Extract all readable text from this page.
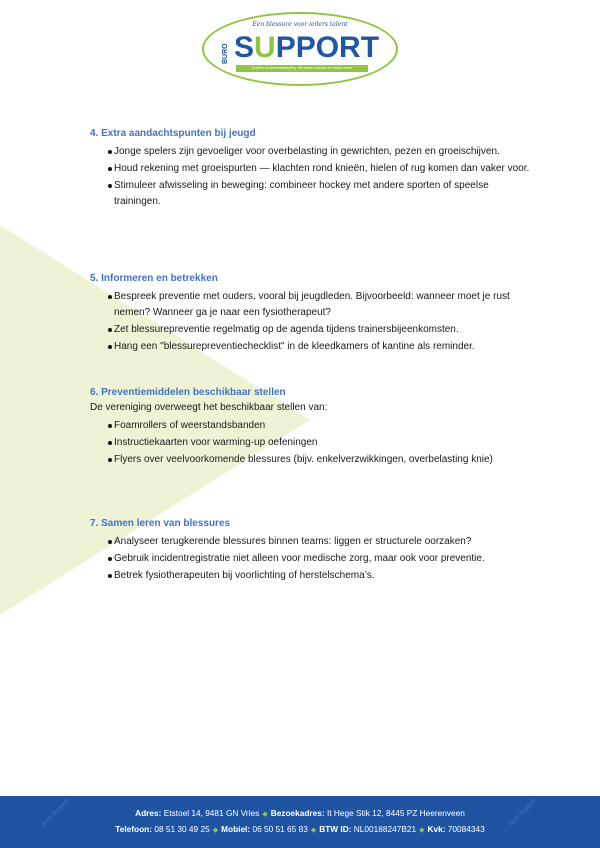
Een blessure voor ieders talent
BURO SUPPORT
Experts in talentontwikkeling, die anders denken en anders doen
4. Extra aandachtspunten bij jeugd
Jonge spelers zijn gevoeliger voor overbelasting in gewrichten, pezen en groeischijven.
Houd rekening met groeispurten — klachten rond knieën, hielen of rug komen dan vaker voor.
Stimuleer afwisseling in beweging: combineer hockey met andere sporten of speelse trainingen.
5. Informeren en betrekken
Bespreek preventie met ouders, vooral bij jeugdleden. Bijvoorbeeld: wanneer moet je rust nemen? Wanneer ga je naar een fysiotherapeut?
Zet blessurepreventie regelmatig op de agenda tijdens trainersbijeenkomsten.
Hang een "blessurepreventiechecklist" in de kleedkamers of kantine als reminder.
6. Preventiemiddelen beschikbaar stellen

De vereniging overweegt het beschikbaar stellen van:

Foamrollers of weerstandsbanden
Instructiekaarten voor warming-up oefeningen
Flyers over veelvoorkomende blessures (bijv. enkelverzwikkingen, overbelasting knie)
7. Samen leren van blessures
Analyseer terugkerende blessures binnen teams: liggen er structurele oorzaken?
Gebruik incidentregistratie niet alleen voor medische zorg, maar ook voor preventie.
Betrek fysiotherapeuten bij voorlichting of herstelschema’s.
Adres: Etstoel 14, 9481 GN Vries ◆ Bezoekadres: It Hege Stik 12, 8445 PZ Heerenveen
Telefoon: 08 51 30 49 25 ◆ Mobiel: 06 50 51 65 83 ◆ BTW ID: NL00188247B21 ◆ Kvk: 70084343
Buro Support	Buro Support
